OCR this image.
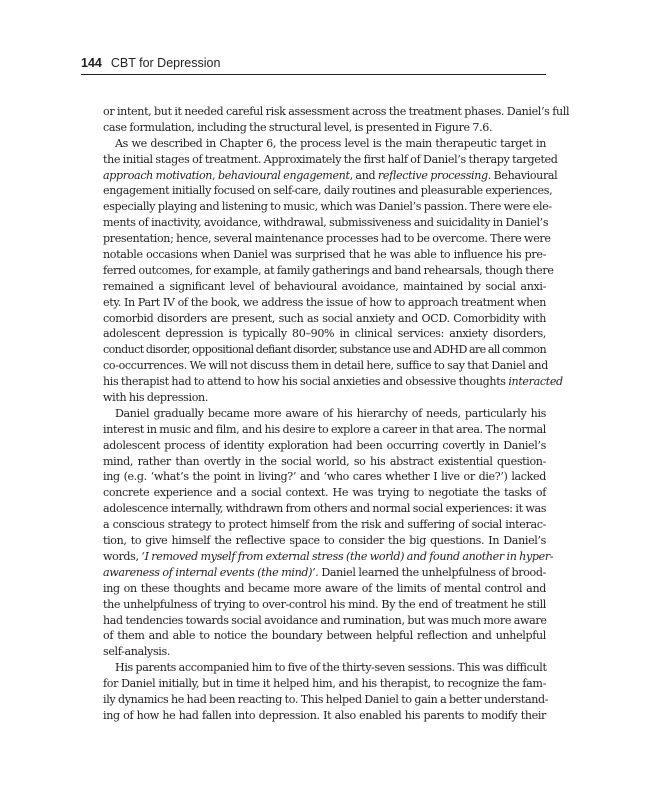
144 CBT for Depression
or intent, but it needed careful risk assessment across the treatment phases. Daniel’s full
case formulation, including the structural level, is presented in Figure 7.6.
As we described in Chapter 6, the process level is the main therapeutic target in
the initial stages of treatment. Approximately the first half of Daniel’s therapy targeted
approach motivation, behavioural engagement, and reflective processing. Behavioural
engagement initially focused on self-care, daily routines and pleasurable experiences,
especially playing and listening to music, which was Daniel’s passion. There were ele-
ments of inactivity, avoidance, withdrawal, submissiveness and suicidality in Daniel’s
presentation; hence, several maintenance processes had to be overcome. There were
notable occasions when Daniel was surprised that he was able to influence his pre-
ferred outcomes, for example, at family gatherings and band rehearsals, though there
remained a significant level of behavioural avoidance, maintained by social anxi-
ety. In Part IV of the book, we address the issue of how to approach treatment when
comorbid disorders are present, such as social anxiety and OCD. Comorbidity with
adolescent depression is typically 80–90% in clinical services: anxiety disorders,
conduct disorder, oppositional defiant disorder, substance use and ADHD are all common
co-occurrences. We will not discuss them in detail here, suffice to say that Daniel and
his therapist had to attend to how his social anxieties and obsessive thoughts interacted
with his depression.
Daniel gradually became more aware of his hierarchy of needs, particularly his
interest in music and film, and his desire to explore a career in that area. The normal
adolescent process of identity exploration had been occurring covertly in Daniel’s
mind, rather than overtly in the social world, so his abstract existential question-
ing (e.g. ‘what’s the point in living?’ and ‘who cares whether I live or die?’) lacked
concrete experience and a social context. He was trying to negotiate the tasks of
adolescence internally, withdrawn from others and normal social experiences: it was
a conscious strategy to protect himself from the risk and suffering of social interac-
tion, to give himself the reflective space to consider the big questions. In Daniel’s
words, ‘I removed myself from external stress (the world) and found another in hyper-
awareness of internal events (the mind)’. Daniel learned the unhelpfulness of brood-
ing on these thoughts and became more aware of the limits of mental control and
the unhelpfulness of trying to over-control his mind. By the end of treatment he still
had tendencies towards social avoidance and rumination, but was much more aware
of them and able to notice the boundary between helpful reflection and unhelpful
self-analysis.
His parents accompanied him to five of the thirty-seven sessions. This was difficult
for Daniel initially, but in time it helped him, and his therapist, to recognize the fam-
ily dynamics he had been reacting to. This helped Daniel to gain a better understand-
ing of how he had fallen into depression. It also enabled his parents to modify their
